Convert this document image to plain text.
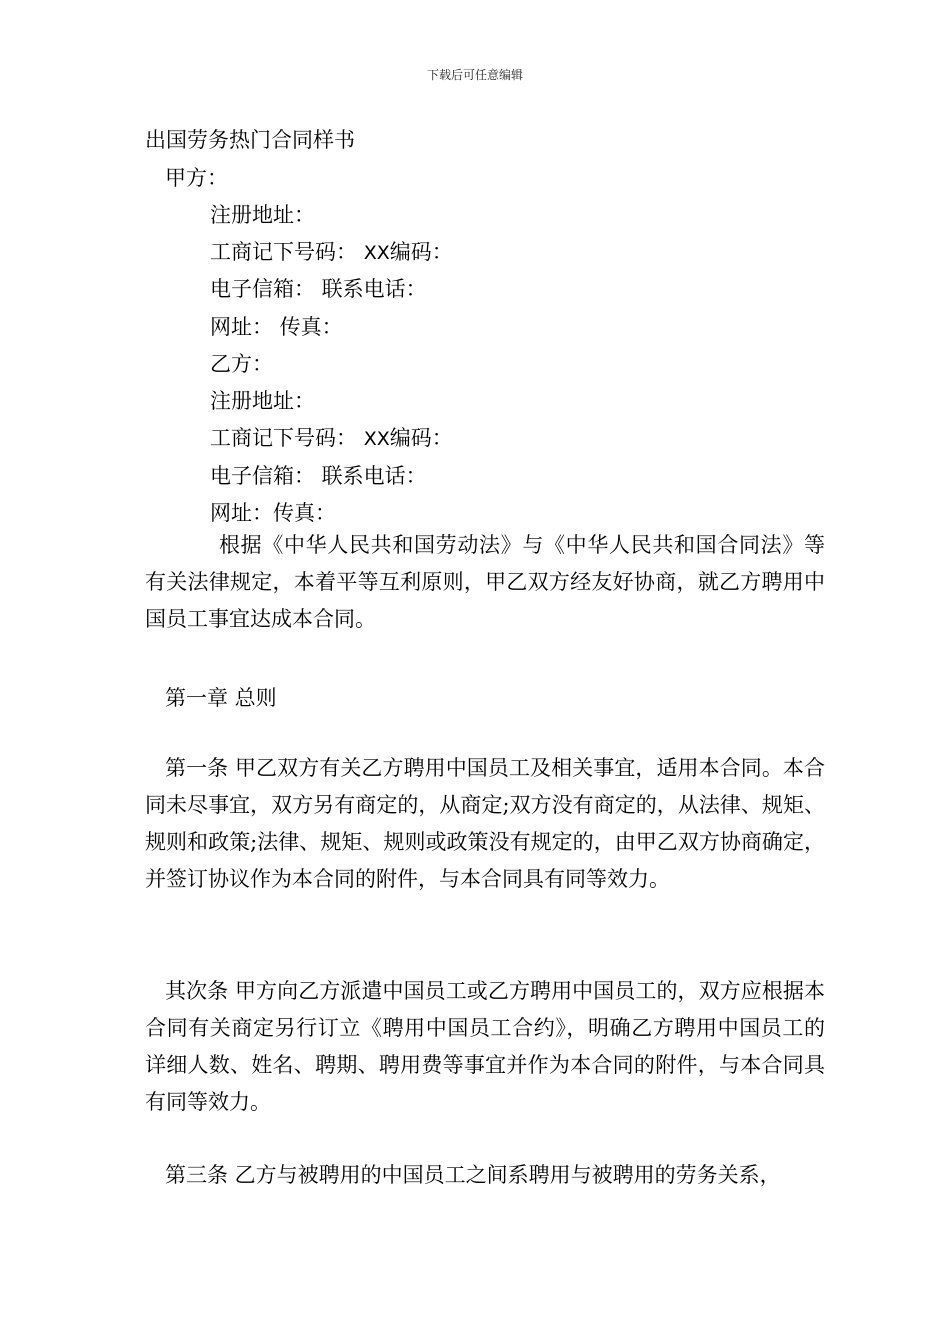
下载后可任意编辑
出国劳务热门合同样书
甲方：
注册地址：
工商记下号码： XX编码：
电子信箱： 联系电话：
网址： 传真：
乙方：
注册地址：
工商记下号码： XX编码：
电子信箱： 联系电话：
网址：传真：
根据《中华人民共和国劳动法》与《中华人民共和国合同法》等有关法律规定，本着平等互利原则，甲乙双方经友好协商，就乙方聘用中国员工事宜达成本合同。
第一章 总则
第一条 甲乙双方有关乙方聘用中国员工及相关事宜，适用本合同。本合同未尽事宜，双方另有商定的，从商定;双方没有商定的，从法律、规矩、规则和政策;法律、规矩、规则或政策没有规定的，由甲乙双方协商确定，并签订协议作为本合同的附件，与本合同具有同等效力。
其次条 甲方向乙方派遣中国员工或乙方聘用中国员工的，双方应根据本合同有关商定另行订立《聘用中国员工合约》，明确乙方聘用中国员工的详细人数、姓名、聘期、聘用费等事宜并作为本合同的附件，与本合同具有同等效力。
第三条 乙方与被聘用的中国员工之间系聘用与被聘用的劳务关系，
